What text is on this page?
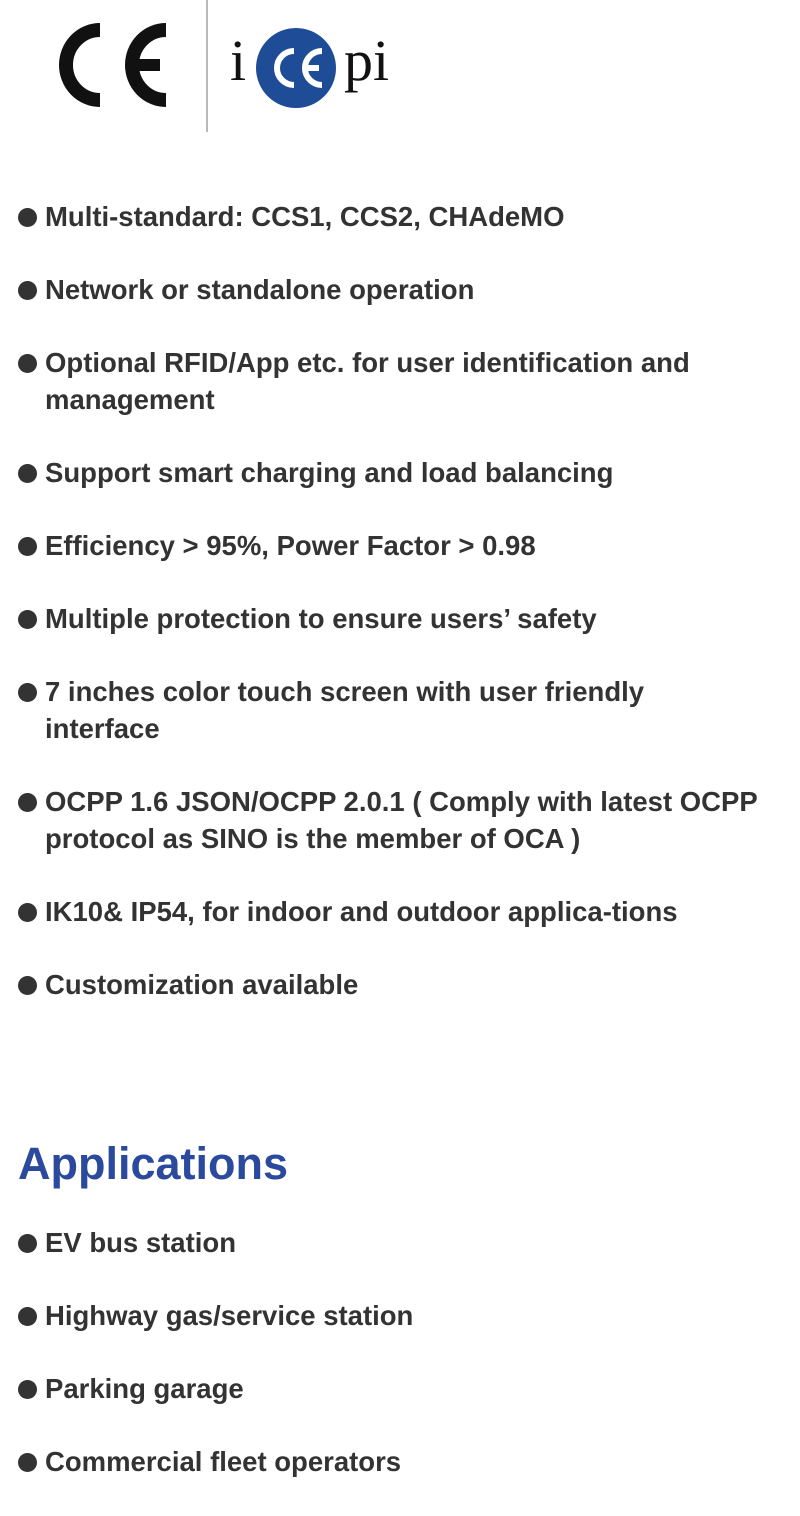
i pi
Multi-standard: CCS1, CCS2, CHAdeMO
Network or standalone operation
Optional RFID/App etc. for user identification and management
Support smart charging and load balancing
Efficiency > 95%, Power Factor > 0.98
Multiple protection to ensure users’ safety
7 inches color touch screen with user friendly interface
OCPP 1.6 JSON/OCPP 2.0.1 ( Comply with latest OCPP protocol as SINO is the member of OCA )
IK10& IP54, for indoor and outdoor applica-tions
Customization available
Applications
EV bus station
Highway gas/service station
Parking garage
Commercial fleet operators
